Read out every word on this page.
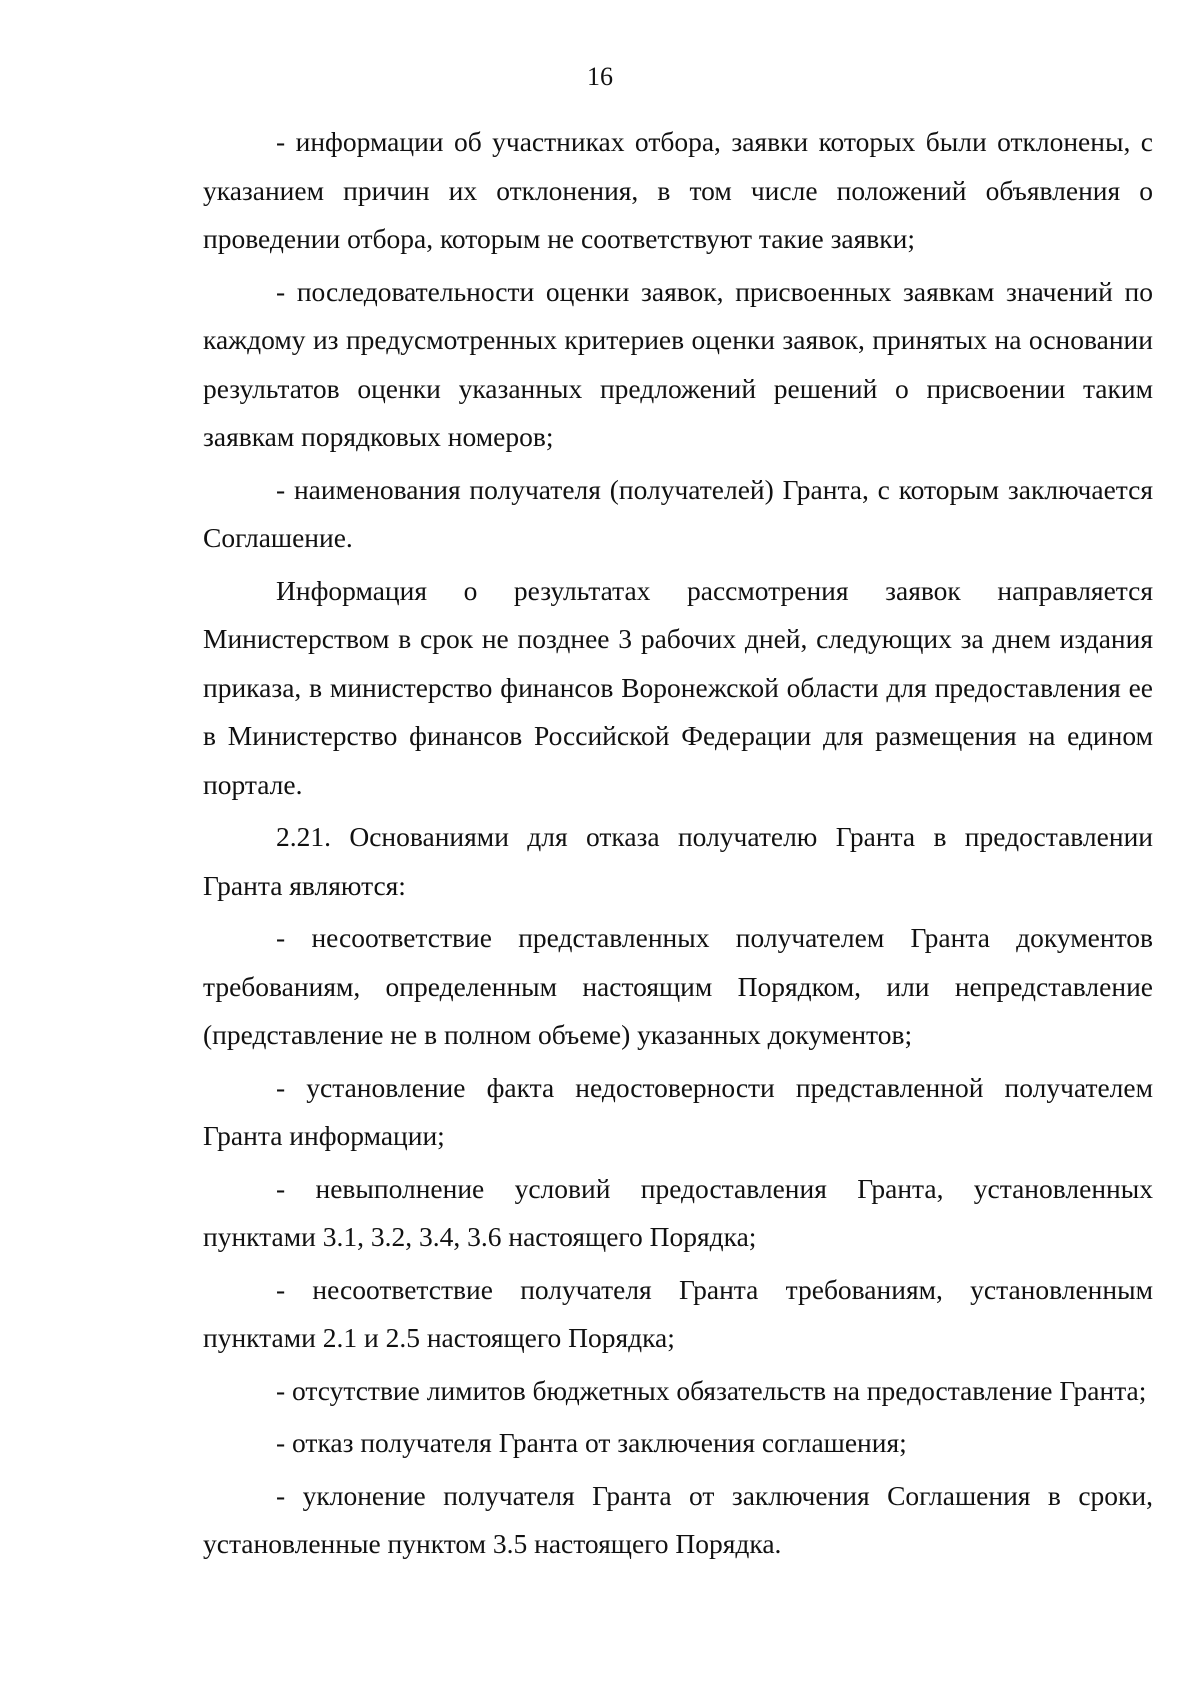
16

- информации об участниках отбора, заявки которых были отклонены, с указанием причин их отклонения, в том числе положений объявления о проведении отбора, которым не соответствуют такие заявки;

- последовательности оценки заявок, присвоенных заявкам значений по каждому из предусмотренных критериев оценки заявок, принятых на основании результатов оценки указанных предложений решений о присвоении таким заявкам порядковых номеров;

- наименования получателя (получателей) Гранта, с которым заключается Соглашение.

Информация о результатах рассмотрения заявок направляется Министерством в срок не позднее 3 рабочих дней, следующих за днем издания приказа, в министерство финансов Воронежской области для предоставления ее в Министерство финансов Российской Федерации для размещения на едином портале.

2.21. Основаниями для отказа получателю Гранта в предоставлении Гранта являются:

- несоответствие представленных получателем Гранта документов требованиям, определенным настоящим Порядком, или непредставление (представление не в полном объеме) указанных документов;

- установление факта недостоверности представленной получателем Гранта информации;

- невыполнение условий предоставления Гранта, установленных пунктами 3.1, 3.2, 3.4, 3.6 настоящего Порядка;

- несоответствие получателя Гранта требованиям, установленным пунктами 2.1 и 2.5 настоящего Порядка;

- отсутствие лимитов бюджетных обязательств на предоставление Гранта;

- отказ получателя Гранта от заключения соглашения;

- уклонение получателя Гранта от заключения Соглашения в сроки, установленные пунктом 3.5 настоящего Порядка.
